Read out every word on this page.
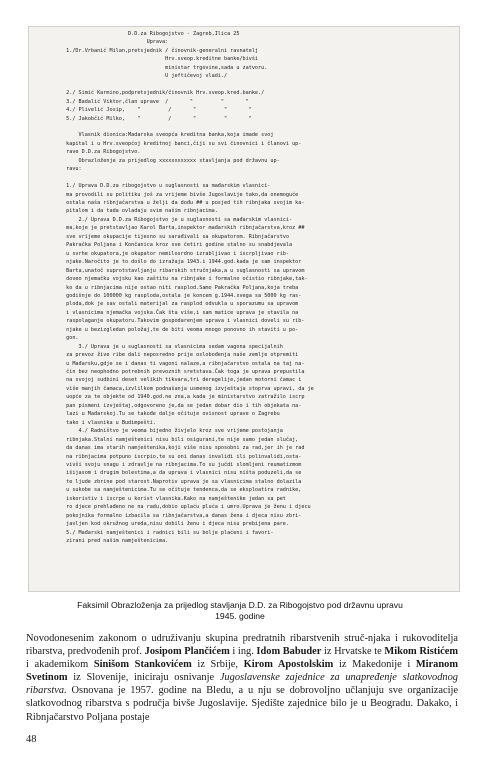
D.D.za Ribogojstvo - Zagreb,Ilica 25
Uprava:
1./Dr.Vrbanić Milan,pretsjednik / činovnik-generalni ravnatelj
Hrv.sveop.kreditne banke/bivši
ministar trgovine,sada u zatvoru.
U jeftičevoj vladi./
2./ Simić Karmino,podpretsjednik/činovnik Hrv.sveop.kred.banke./
3./ Badalić Viktor,član uprave  /       "         "       "
4./ Plivelić Josip,    "         /       "         "       "
5./ Jakobčić Milko,    "         /       "         "       "
Vlasnik dionica:Madarska sveopća kreditna banka,koja imade svoj
kapital i u Hrv.sveopćoj kreditnoj banci,čiji su svi činovnici i članovi up-
rave D.D.za Ribogojstvo.
Obrazloženje za prijedlog xxxxxxxxxxxx stavljanja pod državnu up-
ravu:
1./ Uprava D.D.za ribogojstvo u suglasnosti sa mađarskim vlasnici-
ma provodili su politiku još za vrijeme bivše Jugoslavije tako,da onemoguće
ostala naša ribnjačarstva u želji da dođu ## u posjed tih ribnjaka svojim ka-
pitalom i da tada ovladaju svim našim ribnjacima.
2./ Uprava D.D.za Ribogojstvo je u suglasnosti sa mađarskim vlasnici-
ma,koje je pretstavljao Karol Barta,inspektor mađarskih ribnjačarstva,kroz ##
sve vrijeme okupacije tijesno su sarađivali sa okupatorom. Ribnjačarstvo
Pakračka Poljana i Končanica kroz sve četiri godine stalno su snabdjevala
u svrhe okupatora,je okupator nemilosrdno izrabljivao i iscrpljivao rib-
njake.Naročito je to došlo do izražaja 1943.i 1944.god.kada je sam inspektor
Barta,unatoč suprotstavljanju ribarskih stručnjaka,a u suglasnosti sa upravom
dovео njemačku vojsku kao zaštitu na ribnjake i formalno očistio ribnjake,tak-
ko da u ribnjacima nije ostao niti rasplod.Samo Pakračka Poljana,koja treba
godišnje do 100000 kg rasploda,ostala je koncem g.1944.svega sa 5000 kg ras-
ploda,dok je sav ostali materijal za rasplod odvukla u sporazumu sa upravom
i vlasnicima njemačka vojska.Čak šta više,i sam matice uprava je stavila na
raspolaganje okupatoru.Takovim gospodarenjem uprava i vlasnici doveli su rib-
njake u bezizgledan položaj,te de biti veoma mnogo ponovno ih staviti u po-
gon.
3./ Uprava je u suglasnosti sa vlasnicima sedam vagona specijalnih
za prevoz žive ribe dali neposredno prije oslobođenja naše zemlje otpremiti
u Mađarsku,gdje se i danas ti vagoni nalaze,a ribnjačarstvo ostala na taj na-
čin bez neophodno potrebnih prevoznih sretstava.Čak toga je uprava prepustila
na svojoj sudbini deset velikih tikvara,tri deregelije,jedan motorni čamac i
više manjih čamaca,izvlilkom podnašanja usmenog izvještaja stoprva upravi, da je
uopće za te objekte od 1940.god.ne zna,a kada je ministarstvo zatražilo iscrp
pan pismeni izvještaj,odgovoreno je,da se jedan dobar dio i tih objekata na-
lazi u Mađarskoj.Tu se takođe dalje očituje ovisnost uprave o Zagrebu
tako i vlasnika u Budimpešti.
4./ Radništvo je veoma bijedno živjelo kroz sve vrijeme postojanja
ribnjaka.Stalni namještenici nisu bili osigurani,te nije samo jedan slučaj,
da danas ima starih namještenika,koji više nisu sposobni za rad,jer ih je rad
na ribnjacima potpuno iscrpio,te su oni danas invalidi ili polinvalidi,osta-
vivši svoju snagu i zdravlje na ribnjacima.To su jučdi slomljeni reumatizmom
išijasom i drugim bolestima,a da uprava i vlasnici nisu ništa poduzeli,da se
te ljude zbrine pod starost.Naprotiv uprava je sa vlasnicima stalno dolazila
u sukobe sa namještenicima.Tu se očituje tendenca,da se eksploatira radnike,
iskoristiv i iscrpe u korist vlasnika.Kako na namještenike jedan sa pet
ro djece prehlađeno ne na radu,dobio uplaću pluća i umro.Uprava je ženu i djecu
pokojnika formalno izbacila sa ribnjačarstva,a danas žena i djeca nisu zbri-
javljen kod okružnog ureda,nisu dobili ženu i djeca nisu prebijena pare.
5./ Mađarski namještenici i radnici bili su bolje plaćeni i favori-
zirani pred našim namještenicima.
Faksimil Obrazloženja za prijedlog stavljanja D.D. za Ribogojstvo pod državnu upravu
1945. godine

Novodonesenim zakonom o udruživanju skupina predratnih ribarstvenih struč-njaka i rukovoditelja ribarstva, predvođenih prof. Josipom Plančićem i ing. Idom Babuder iz Hrvatske te Mikom Ristićem i akademikom Sinišom Stankovićem iz Srbije, Kirom Apostolskim iz Makedonije i Miranom Svetinom iz Slovenije, iniciraju osnivanje Jugoslavenske zajednice za unapređenje slatkovodnog ribarstva. Osnovana je 1957. godine na Bledu, a u nju se dobrovoljno učlanjuju sve organizacije slatkovodnog ribarstva s područja bivše Jugoslavije. Sjedište zajednice bilo je u Beogradu. Dakako, i Ribnjačarstvo Poljana postaje

48
